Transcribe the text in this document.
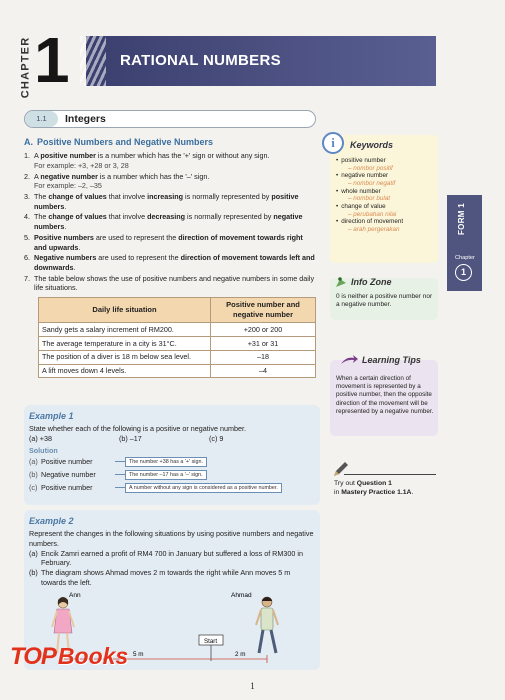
CHAPTER 1	RATIONAL NUMBERS
1.1	Integers
A. Positive Numbers and Negative Numbers
1. A positive number is a number which has the '+' sign or without any sign.
For example: +3, +28 or 3, 28
2. A negative number is a number which has the '–' sign.
For example: –2, –35
3. The change of values that involve increasing is normally represented by positive numbers.
4. The change of values that involve decreasing is normally represented by negative numbers.
5. Positive numbers are used to represent the direction of movement towards right and upwards.
6. Negative numbers are used to represent the direction of movement towards left and downwards.
7. The table below shows the use of positive numbers and negative numbers in some daily life situations.
Daily life situation	Positive number and negative number
Sandy gets a salary increment of RM200.	+200 or 200
The average temperature in a city is 31°C.	+31 or 31
The position of a diver is 18 m below sea level.	–18
A lift moves down 4 levels.	–4
Example 1
State whether each of the following is a positive or negative number.
(a) +38	(b) –17	(c) 9
Solution
(a) Positive number	The number +38 has a '+' sign.
(b) Negative number	The number –17 has a '–' sign.
(c) Positive number	A number without any sign is considered as a positive number.
Example 2
Represent the changes in the following situations by using positive numbers and negative numbers.
(a) Encik Zamri earned a profit of RM4 700 in January but suffered a loss of RM300 in February.
(b) The diagram shows Ahmad moves 2 m towards the right while Ann moves 5 m towards the left.
Ann	Ahmad
Start
5 m	2 m
i	Keywords
• positive number
– nombor positif
• negative number
– nombor negatif
• whole number
– nombor bulat
• change of value
– perubahan nilai
• direction of movement
– arah pergerakan
Info Zone
0 is neither a positive number nor a negative number.
Learning Tips
When a certain direction of movement is represented by a positive number, then the opposite direction of the movement will be represented by a negative number.
Try out Question 1
in Mastery Practice 1.1A.
FORM 1
Chapter
1
TOP Books
1
